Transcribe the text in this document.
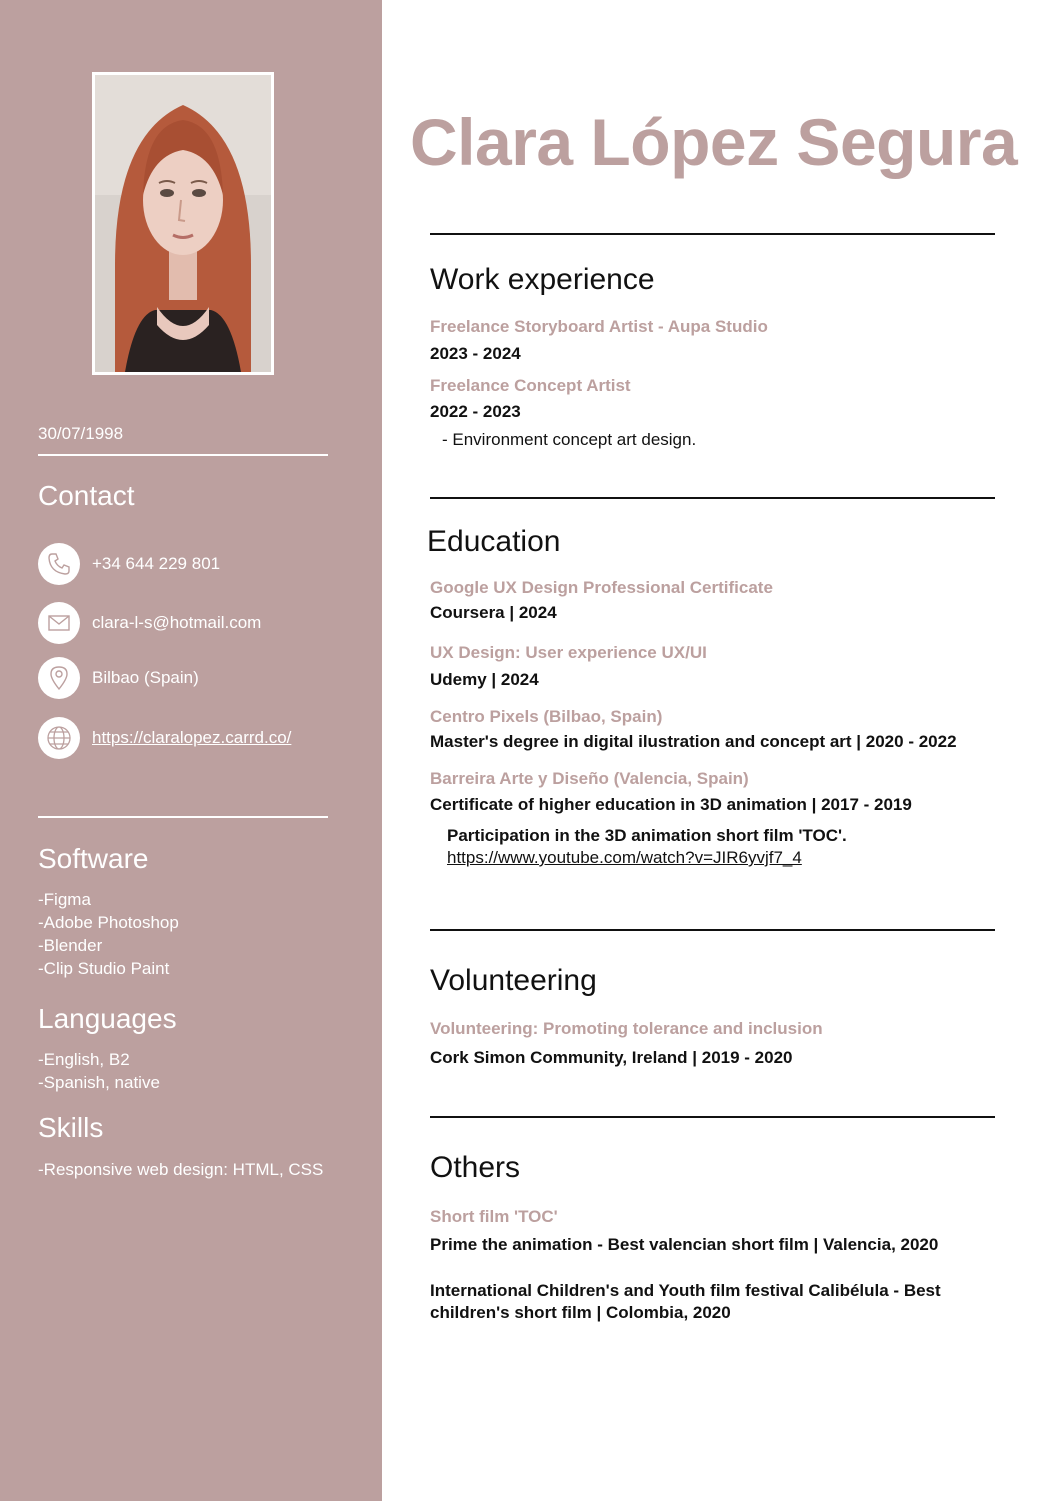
30/07/1998
Contact
+34 644 229 801
clara-l-s@hotmail.com
Bilbao (Spain)
https://claralopez.carrd.co/
Software
-Figma
-Adobe Photoshop
-Blender
-Clip Studio Paint
Languages
-English, B2
-Spanish, native
Skills
-Responsive web design: HTML, CSS
Clara López Segura
Work experience
Freelance Storyboard Artist - Aupa Studio
2023 - 2024
Freelance Concept Artist
2022 - 2023
- Environment concept art design.
Education
Google UX Design Professional Certificate
Coursera | 2024
UX Design: User experience UX/UI
Udemy | 2024
Centro Pixels (Bilbao, Spain)
Master's degree in digital ilustration and concept art | 2020 - 2022
Barreira Arte y Diseño (Valencia, Spain)
Certificate of higher education in 3D animation | 2017 - 2019
Participation in the 3D animation short film 'TOC'.
https://www.youtube.com/watch?v=JIR6yvjf7_4
Volunteering
Volunteering: Promoting tolerance and inclusion
Cork Simon Community, Ireland | 2019 - 2020
Others
Short film 'TOC'
Prime the animation - Best valencian short film | Valencia, 2020
International Children's and Youth film festival Calibélula - Best
children's short film | Colombia, 2020
